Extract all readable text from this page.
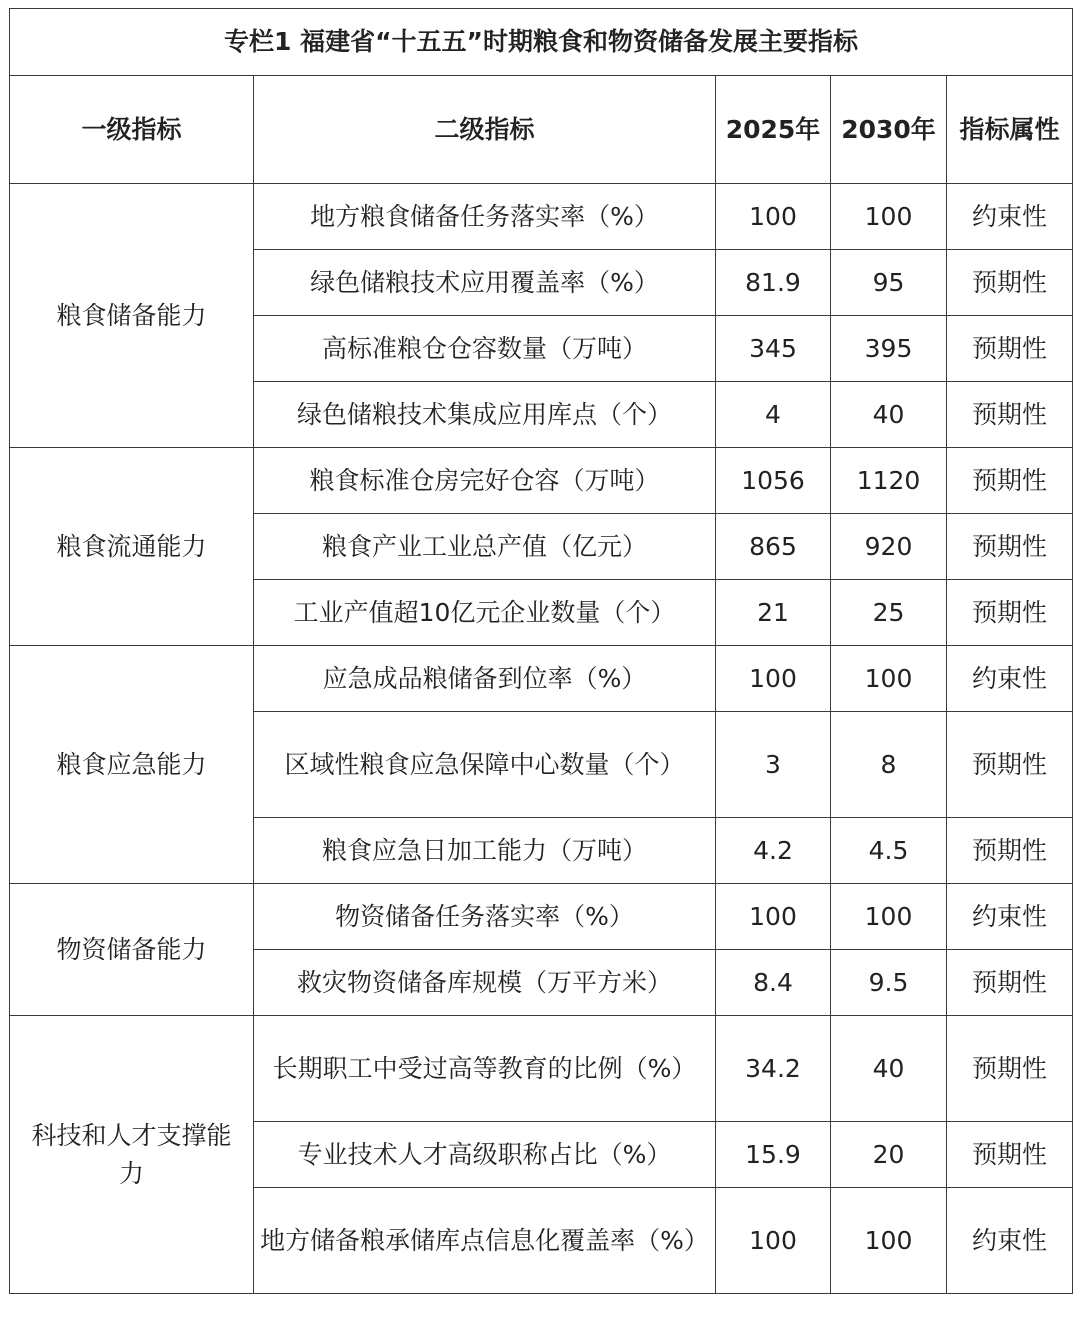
专栏1 福建省“十五五”时期粮食和物资储备发展主要指标				
一级指标	二级指标	2025年	2030年	指标属性
粮食储备能力	地方粮食储备任务落实率（%）	100	100	约束性
	绿色储粮技术应用覆盖率（%）	81.9	95	预期性
	高标准粮仓仓容数量（万吨）	345	395	预期性
	绿色储粮技术集成应用库点（个）	4	40	预期性
粮食流通能力	粮食标准仓房完好仓容（万吨）	1056	1120	预期性
	粮食产业工业总产值（亿元）	865	920	预期性
	工业产值超10亿元企业数量（个）	21	25	预期性
粮食应急能力	应急成品粮储备到位率（%）	100	100	约束性
	区域性粮食应急保障中心数量（个）	3	8	预期性
	粮食应急日加工能力（万吨）	4.2	4.5	预期性
物资储备能力	物资储备任务落实率（%）	100	100	约束性
	救灾物资储备库规模（万平方米）	8.4	9.5	预期性
科技和人才支撑能力	长期职工中受过高等教育的比例（%）	34.2	40	预期性
	专业技术人才高级职称占比（%）	15.9	20	预期性
	地方储备粮承储库点信息化覆盖率（%）	100	100	约束性
